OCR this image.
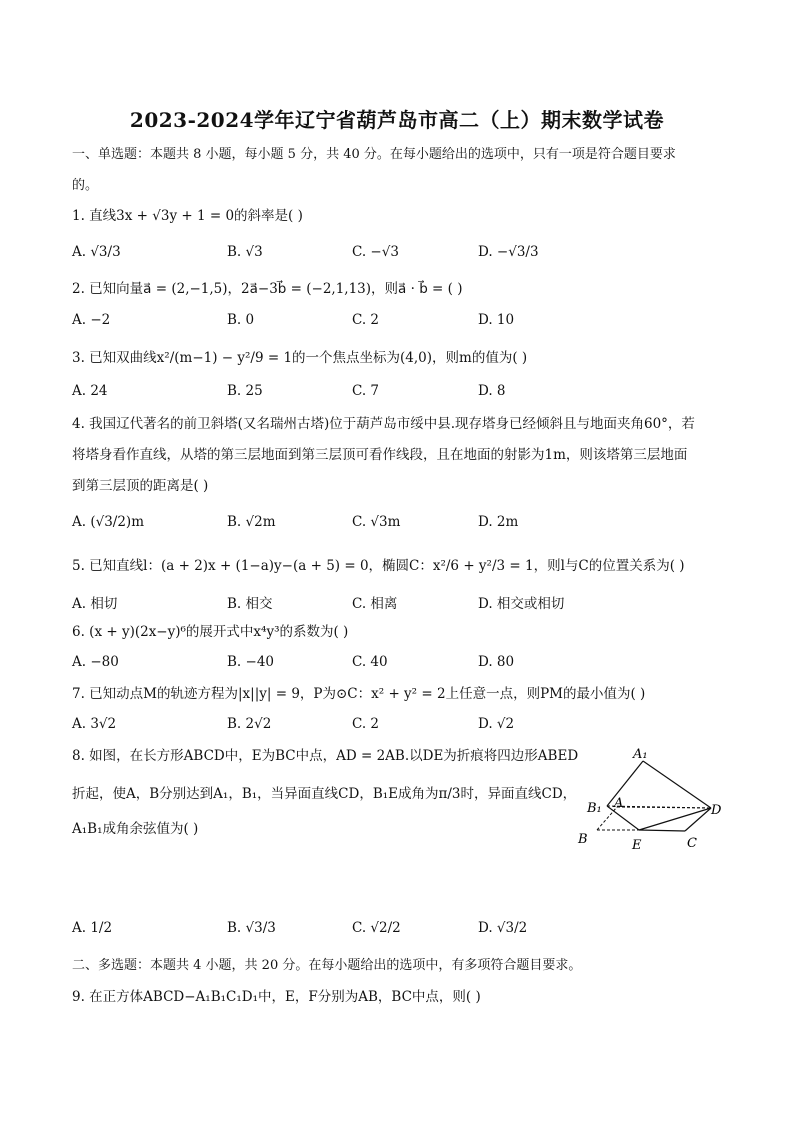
2023-2024学年辽宁省葫芦岛市高二（上）期末数学试卷
一、单选题：本题共 8 小题，每小题 5 分，共 40 分。在每小题给出的选项中，只有一项是符合题目要求
的。
1. 直线3x + √3y + 1 = 0的斜率是( )
A. √3/3	B. √3	C. −√3	D. −√3/3
2. 已知向量a⃗ = (2,−1,5)，2a⃗−3b⃗ = (−2,1,13)，则a⃗ · b⃗ = ( )
A. −2	B. 0	C. 2	D. 10
3. 已知双曲线x²/(m−1) − y²/9 = 1的一个焦点坐标为(4,0)，则m的值为( )
A. 24	B. 25	C. 7	D. 8
4. 我国辽代著名的前卫斜塔(又名瑞州古塔)位于葫芦岛市绥中县.现存塔身已经倾斜且与地面夹角60°，若
将塔身看作直线，从塔的第三层地面到第三层顶可看作线段，且在地面的射影为1m，则该塔第三层地面
到第三层顶的距离是( )
A. (√3/2)m	B. √2m	C. √3m	D. 2m
5. 已知直线l：(a + 2)x + (1−a)y−(a + 5) = 0，椭圆C：x²/6 + y²/3 = 1，则l与C的位置关系为( )
A. 相切	B. 相交	C. 相离	D. 相交或相切
6. (x + y)(2x−y)⁶的展开式中x⁴y³的系数为( )
A. −80	B. −40	C. 40	D. 80
7. 已知动点M的轨迹方程为|x||y| = 9，P为⊙C：x² + y² = 2上任意一点，则PM的最小值为( )
A. 3√2	B. 2√2	C. 2	D. √2
8. 如图，在长方形ABCD中，E为BC中点，AD = 2AB.以DE为折痕将四边形ABED
折起，使A，B分别达到A₁，B₁，当异面直线CD，B₁E成角为π/3时，异面直线CD，
A₁B₁成角余弦值为( )
A₁
B₁ A	D
B	E	C
A. 1/2	B. √3/3	C. √2/2	D. √3/2
二、多选题：本题共 4 小题，共 20 分。在每小题给出的选项中，有多项符合题目要求。
9. 在正方体ABCD−A₁B₁C₁D₁中，E，F分别为AB，BC中点，则( )
